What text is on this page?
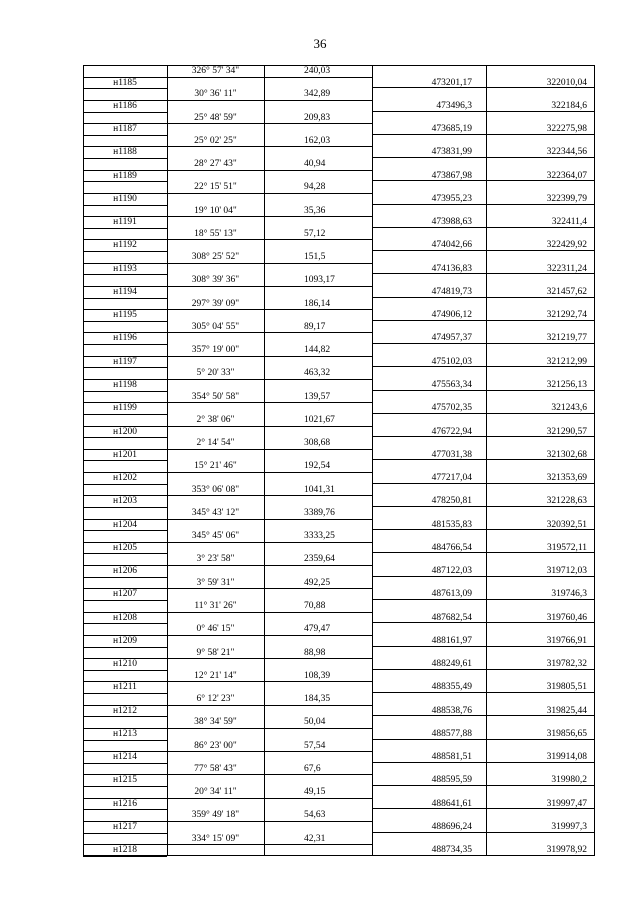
36
326° 57' 34"	240,03
н1185	473201,17	322010,04
30° 36' 11"	342,89
н1186	473496,3	322184,6
25° 48' 59"	209,83
н1187	473685,19	322275,98
25° 02' 25"	162,03
н1188	473831,99	322344,56
28° 27' 43"	40,94
н1189	473867,98	322364,07
22° 15' 51"	94,28
н1190	473955,23	322399,79
19° 10' 04"	35,36
н1191	473988,63	322411,4
18° 55' 13"	57,12
н1192	474042,66	322429,92
308° 25' 52"	151,5
н1193	474136,83	322311,24
308° 39' 36"	1093,17
н1194	474819,73	321457,62
297° 39' 09"	186,14
н1195	474906,12	321292,74
305° 04' 55"	89,17
н1196	474957,37	321219,77
357° 19' 00"	144,82
н1197	475102,03	321212,99
5° 20' 33"	463,32
н1198	475563,34	321256,13
354° 50' 58"	139,57
н1199	475702,35	321243,6
2° 38' 06"	1021,67
н1200	476722,94	321290,57
2° 14' 54"	308,68
н1201	477031,38	321302,68
15° 21' 46"	192,54
н1202	477217,04	321353,69
353° 06' 08"	1041,31
н1203	478250,81	321228,63
345° 43' 12"	3389,76
н1204	481535,83	320392,51
345° 45' 06"	3333,25
н1205	484766,54	319572,11
3° 23' 58"	2359,64
н1206	487122,03	319712,03
3° 59' 31"	492,25
н1207	487613,09	319746,3
11° 31' 26"	70,88
н1208	487682,54	319760,46
0° 46' 15"	479,47
н1209	488161,97	319766,91
9° 58' 21"	88,98
н1210	488249,61	319782,32
12° 21' 14"	108,39
н1211	488355,49	319805,51
6° 12' 23"	184,35
н1212	488538,76	319825,44
38° 34' 59"	50,04
н1213	488577,88	319856,65
86° 23' 00"	57,54
н1214	488581,51	319914,08
77° 58' 43"	67,6
н1215	488595,59	319980,2
20° 34' 11"	49,15
н1216	488641,61	319997,47
359° 49' 18"	54,63
н1217	488696,24	319997,3
334° 15' 09"	42,31
н1218	488734,35	319978,92
